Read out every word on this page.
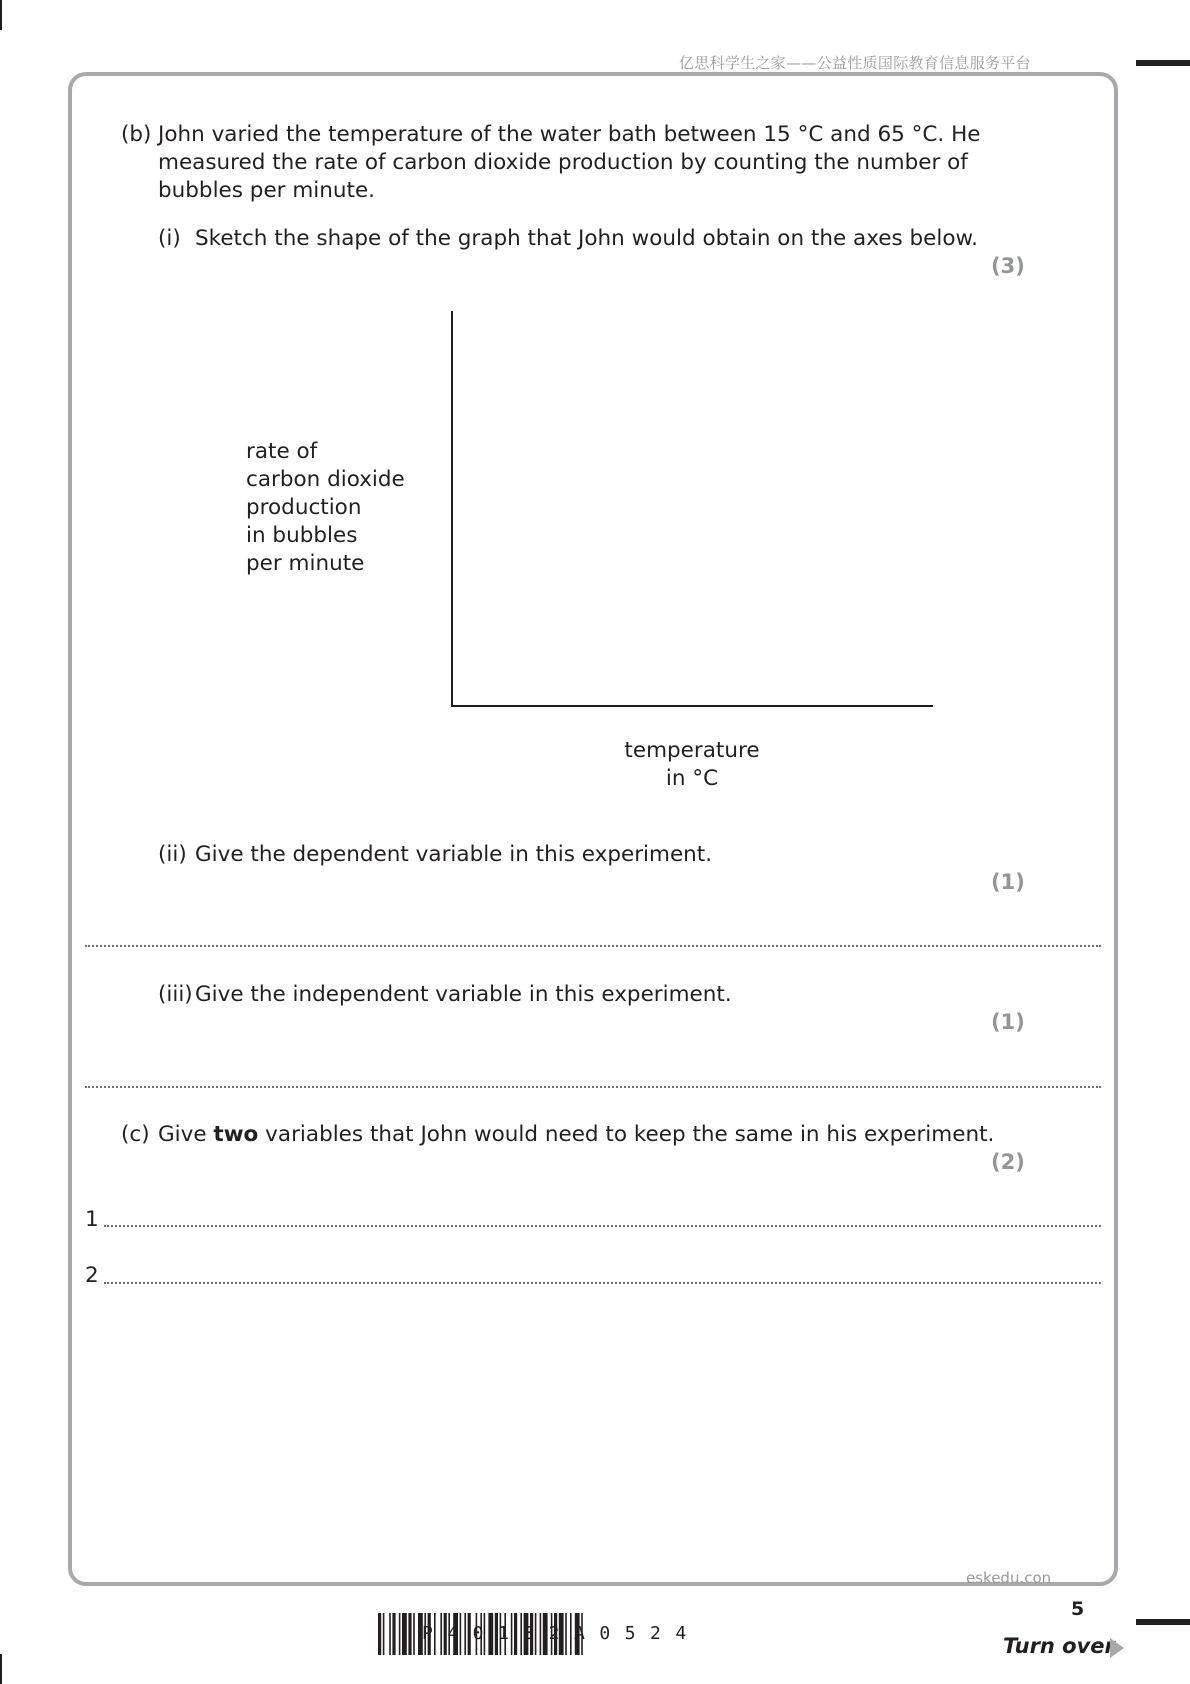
亿思科学生之家——公益性质国际教育信息服务平台
(b) John varied the temperature of the water bath between 15 °C and 65 °C. He
measured the rate of carbon dioxide production by counting the number of
bubbles per minute.
(i) Sketch the shape of the graph that John would obtain on the axes below.
(3)
rate of
carbon dioxide
production
in bubbles
per minute
temperature
in °C
(ii) Give the dependent variable in this experiment.
(1)
(iii) Give the independent variable in this experiment.
(1)
(c) Give two variables that John would need to keep the same in his experiment.
(2)
1
2
eskedu.con
5
P40132A0524
Turn over
